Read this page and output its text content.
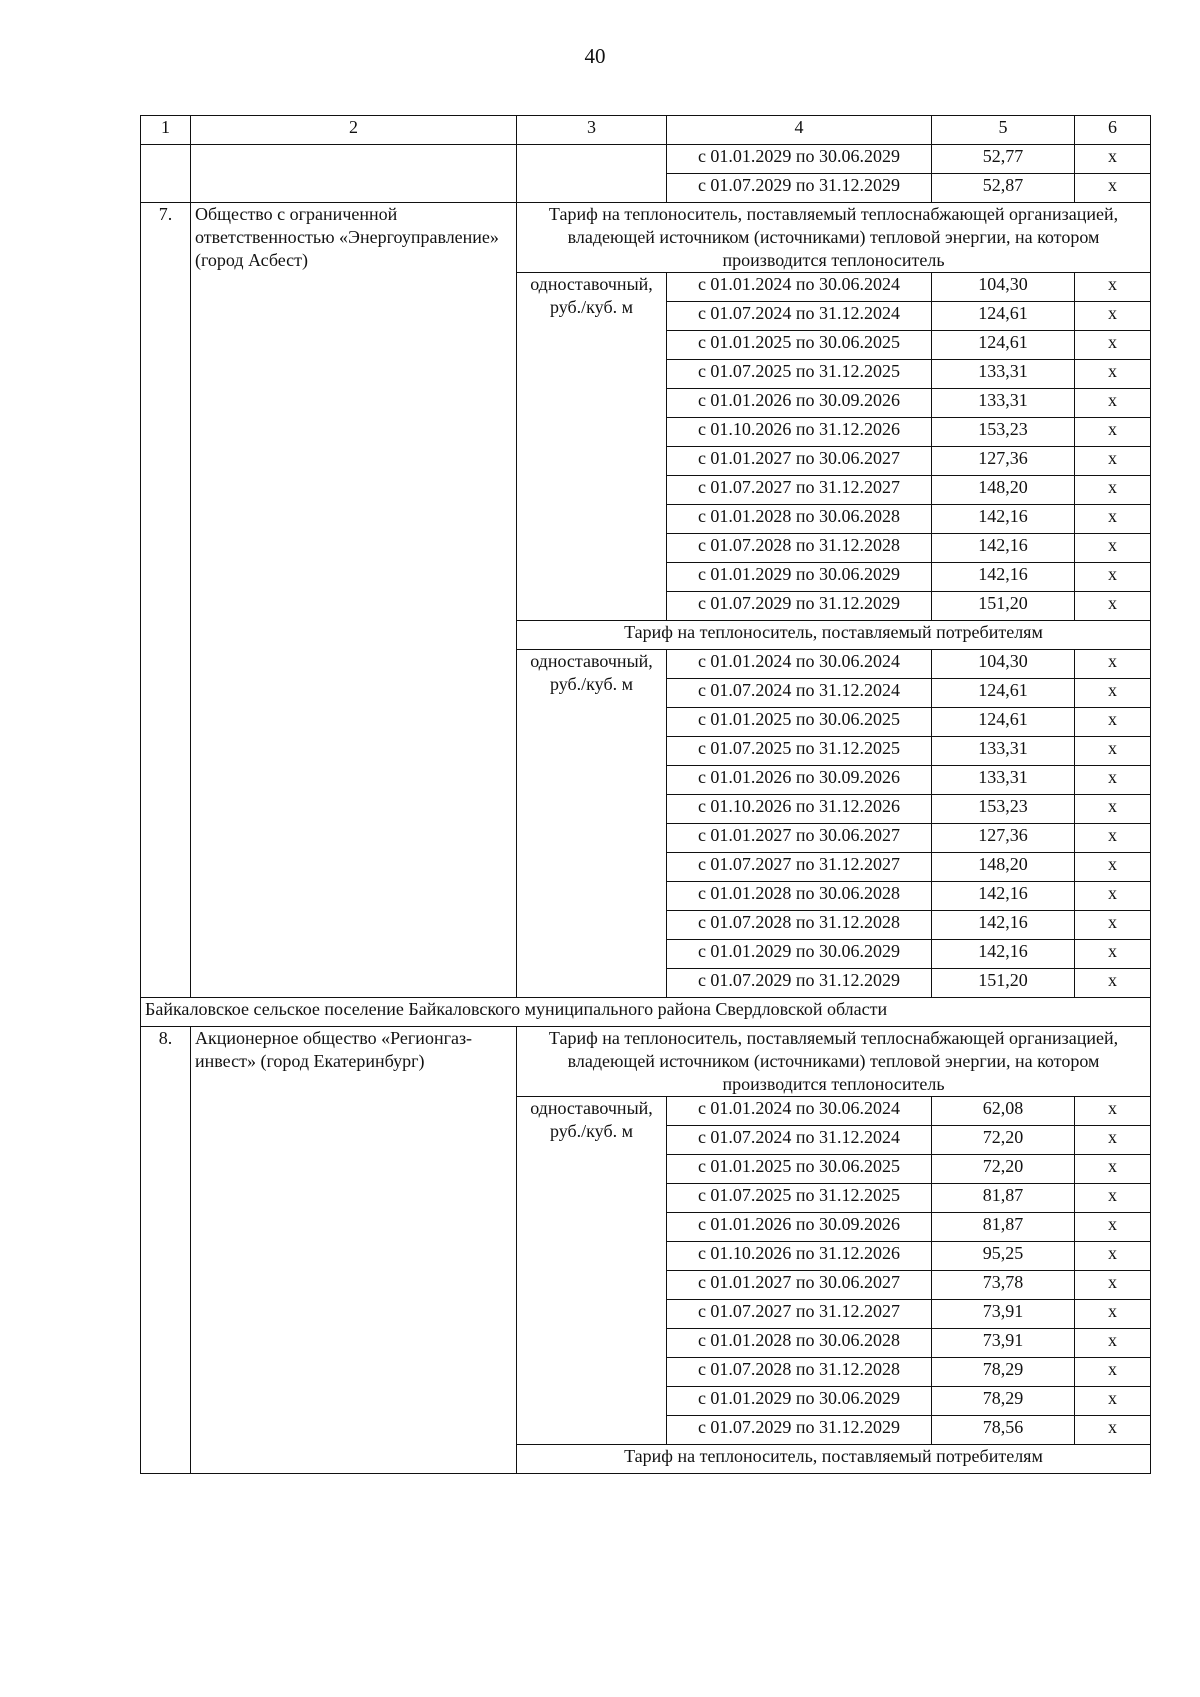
40
1	2	3	4	5	6
			с 01.01.2029 по 30.06.2029	52,77	х
			с 01.07.2029 по 31.12.2029	52,87	х
7.	Общество с ограниченной ответственностью «Энергоуправление» (город Асбест)	Тариф на теплоноситель, поставляемый теплоснабжающей организацией, владеющей источником (источниками) тепловой энергии, на котором производится теплоноситель			
		одноставочный, руб./куб. м	с 01.01.2024 по 30.06.2024	104,30	х
			с 01.07.2024 по 31.12.2024	124,61	х
			с 01.01.2025 по 30.06.2025	124,61	х
			с 01.07.2025 по 31.12.2025	133,31	х
			с 01.01.2026 по 30.09.2026	133,31	х
			с 01.10.2026 по 31.12.2026	153,23	х
			с 01.01.2027 по 30.06.2027	127,36	х
			с 01.07.2027 по 31.12.2027	148,20	х
			с 01.01.2028 по 30.06.2028	142,16	х
			с 01.07.2028 по 31.12.2028	142,16	х
			с 01.01.2029 по 30.06.2029	142,16	х
			с 01.07.2029 по 31.12.2029	151,20	х
		Тариф на теплоноситель, поставляемый потребителям			
		одноставочный, руб./куб. м	с 01.01.2024 по 30.06.2024	104,30	х
			с 01.07.2024 по 31.12.2024	124,61	х
			с 01.01.2025 по 30.06.2025	124,61	х
			с 01.07.2025 по 31.12.2025	133,31	х
			с 01.01.2026 по 30.09.2026	133,31	х
			с 01.10.2026 по 31.12.2026	153,23	х
			с 01.01.2027 по 30.06.2027	127,36	х
			с 01.07.2027 по 31.12.2027	148,20	х
			с 01.01.2028 по 30.06.2028	142,16	х
			с 01.07.2028 по 31.12.2028	142,16	х
			с 01.01.2029 по 30.06.2029	142,16	х
			с 01.07.2029 по 31.12.2029	151,20	х
Байкаловское сельское поселение Байкаловского муниципального района Свердловской области					
8.	Акционерное общество «Регионгаз-инвест» (город Екатеринбург)	Тариф на теплоноситель, поставляемый теплоснабжающей организацией, владеющей источником (источниками) тепловой энергии, на котором производится теплоноситель			
		одноставочный, руб./куб. м	с 01.01.2024 по 30.06.2024	62,08	х
			с 01.07.2024 по 31.12.2024	72,20	х
			с 01.01.2025 по 30.06.2025	72,20	х
			с 01.07.2025 по 31.12.2025	81,87	х
			с 01.01.2026 по 30.09.2026	81,87	х
			с 01.10.2026 по 31.12.2026	95,25	х
			с 01.01.2027 по 30.06.2027	73,78	х
			с 01.07.2027 по 31.12.2027	73,91	х
			с 01.01.2028 по 30.06.2028	73,91	х
			с 01.07.2028 по 31.12.2028	78,29	х
			с 01.01.2029 по 30.06.2029	78,29	х
			с 01.07.2029 по 31.12.2029	78,56	х
		Тариф на теплоноситель, поставляемый потребителям			
